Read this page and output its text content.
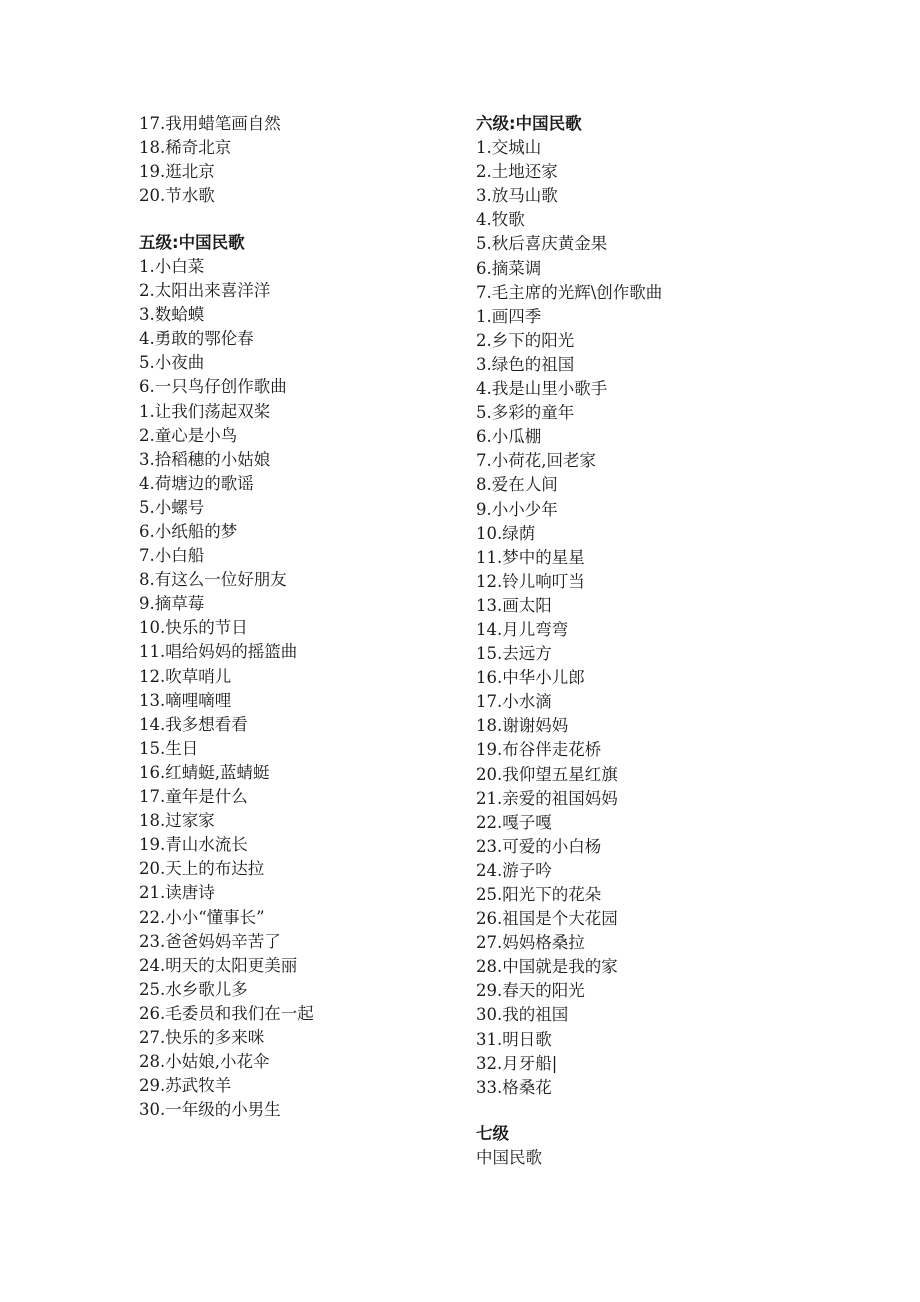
17.我用蜡笔画自然
18.稀奇北京
19.逛北京
20.节水歌
五级:中国民歌
1.小白菜
2.太阳出来喜洋洋
3.数蛤蟆
4.勇敢的鄂伦春
5.小夜曲
6.一只鸟仔创作歌曲
1.让我们荡起双桨
2.童心是小鸟
3.拾稻穗的小姑娘
4.荷塘边的歌谣
5.小螺号
6.小纸船的梦
7.小白船
8.有这么一位好朋友
9.摘草莓
10.快乐的节日
11.唱给妈妈的摇篮曲
12.吹草哨儿
13.嘀哩嘀哩
14.我多想看看
15.生日
16.红蜻蜓,蓝蜻蜓
17.童年是什么
18.过家家
19.青山水流长
20.天上的布达拉
21.读唐诗
22.小小“懂事长”
23.爸爸妈妈辛苦了
24.明天的太阳更美丽
25.水乡歌儿多
26.毛委员和我们在一起
27.快乐的多来咪
28.小姑娘,小花伞
29.苏武牧羊
30.一年级的小男生
六级:中国民歌
1.交城山
2.土地还家
3.放马山歌
4.牧歌
5.秋后喜庆黄金果
6.摘菜调
7.毛主席的光辉\创作歌曲
1.画四季
2.乡下的阳光
3.绿色的祖国
4.我是山里小歌手
5.多彩的童年
6.小瓜棚
7.小荷花,回老家
8.爱在人间
9.小小少年
10.绿荫
11.梦中的星星
12.铃儿响叮当
13.画太阳
14.月儿弯弯
15.去远方
16.中华小儿郎
17.小水滴
18.谢谢妈妈
19.布谷伴走花桥
20.我仰望五星红旗
21.亲爱的祖国妈妈
22.嘎子嘎
23.可爱的小白杨
24.游子吟
25.阳光下的花朵
26.祖国是个大花园
27.妈妈格桑拉
28.中国就是我的家
29.春天的阳光
30.我的祖国
31.明日歌
32.月牙船|
33.格桑花
七级
中国民歌
